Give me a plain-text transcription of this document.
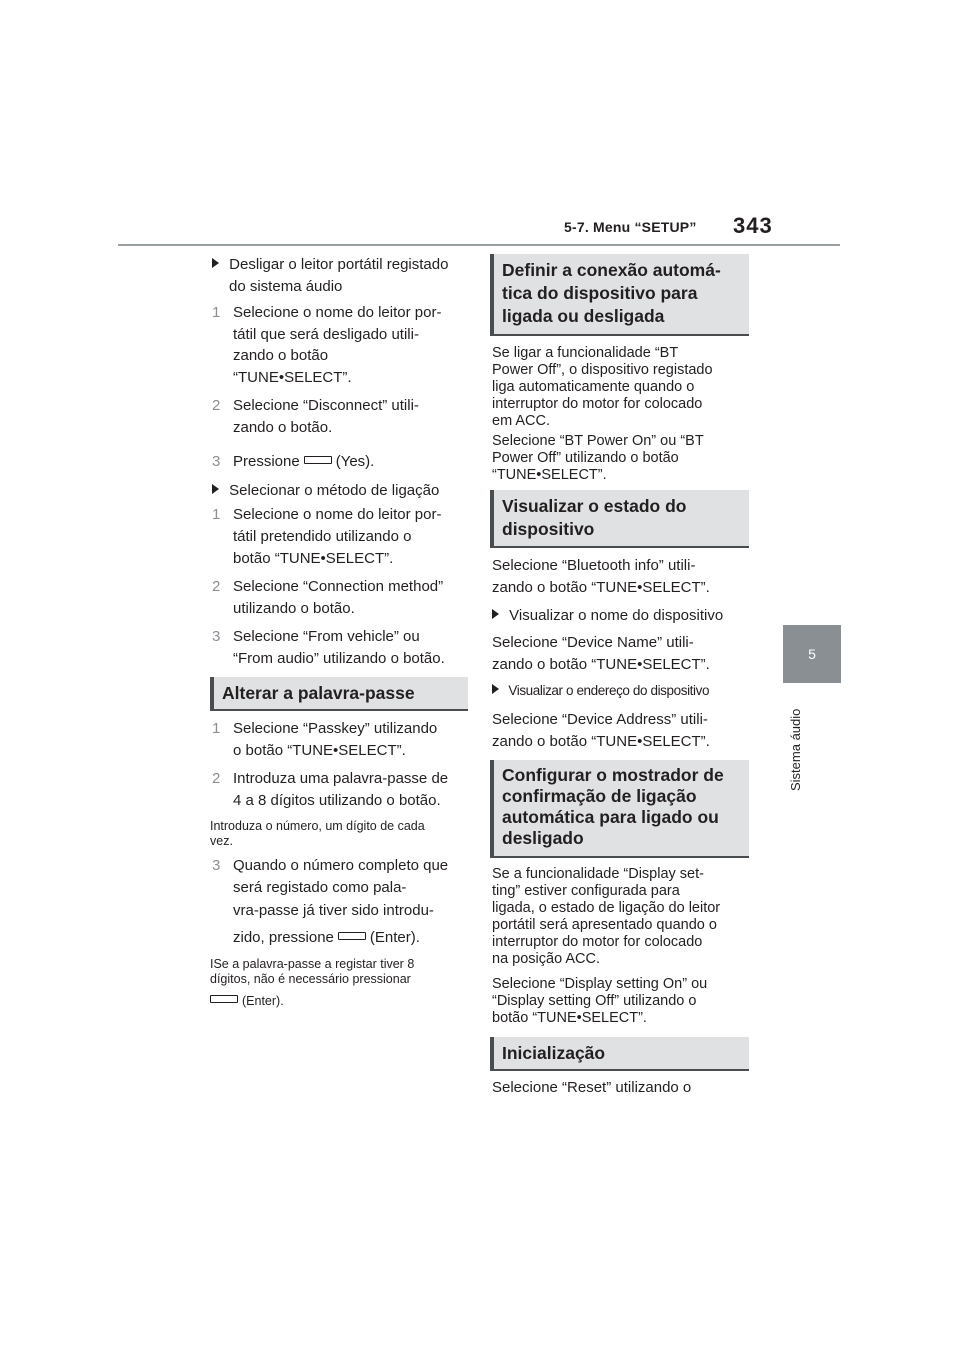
5-7. Menu “SETUP” 343
5
Sistema áudio
Desligar o leitor portátil registado
do sistema áudio
1 Selecione o nome do leitor por-
tátil que será desligado utili-
zando o botão
“TUNE•SELECT”.
2 Selecione “Disconnect” utili-
zando o botão.
3 Pressione (Yes).
Selecionar o método de ligação
1 Selecione o nome do leitor por-
tátil pretendido utilizando o
botão “TUNE•SELECT”.
2 Selecione “Connection method”
utilizando o botão.
3 Selecione “From vehicle” ou
“From audio” utilizando o botão.
Alterar a palavra-passe
1 Selecione “Passkey” utilizando
o botão “TUNE•SELECT”.
2 Introduza uma palavra-passe de
4 a 8 dígitos utilizando o botão.
Introduza o número, um dígito de cada
vez.
3 Quando o número completo que
será registado como pala-
vra-passe já tiver sido introdu-
zido, pressione (Enter).
ISe a palavra-passe a registar tiver 8
dígitos, não é necessário pressionar
(Enter).
Definir a conexão automá-
tica do dispositivo para
ligada ou desligada
Se ligar a funcionalidade “BT
Power Off”, o dispositivo registado
liga automaticamente quando o
interruptor do motor for colocado
em ACC.
Selecione “BT Power On” ou “BT
Power Off” utilizando o botão
“TUNE•SELECT”.
Visualizar o estado do
dispositivo
Selecione “Bluetooth info” utili-
zando o botão “TUNE•SELECT”.
Visualizar o nome do dispositivo
Selecione “Device Name” utili-
zando o botão “TUNE•SELECT”.
Visualizar o endereço do dispositivo
Selecione “Device Address” utili-
zando o botão “TUNE•SELECT”.
Configurar o mostrador de
confirmação de ligação
automática para ligado ou
desligado
Se a funcionalidade “Display set-
ting” estiver configurada para
ligada, o estado de ligação do leitor
portátil será apresentado quando o
interruptor do motor for colocado
na posição ACC.
Selecione “Display setting On” ou
“Display setting Off” utilizando o
botão “TUNE•SELECT”.
Inicialização
Selecione “Reset” utilizando o
